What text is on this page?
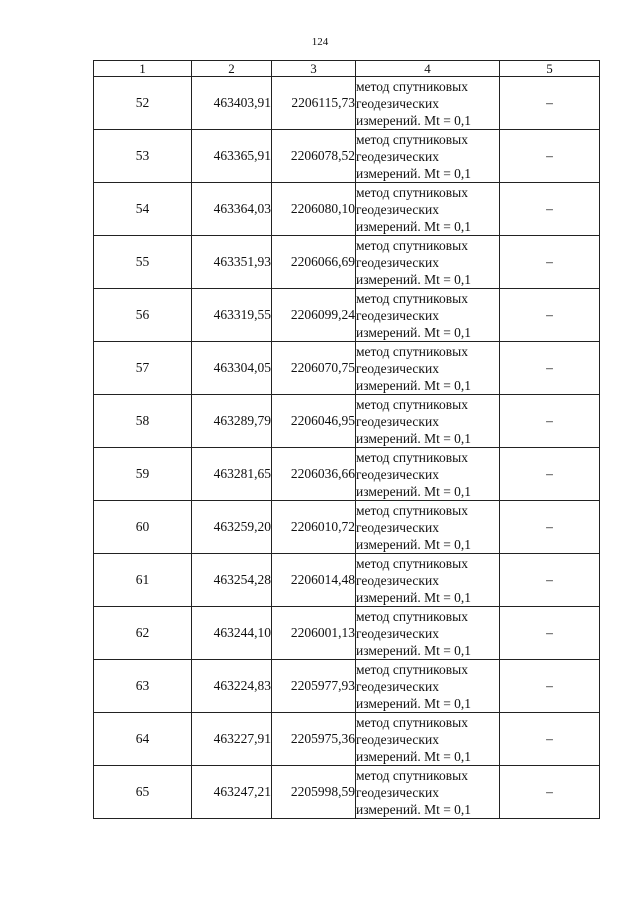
124
1	2	3	4	5
52	463403,91	2206115,73	метод спутниковых
геодезических
измерений. Mt = 0,1	–
53	463365,91	2206078,52	метод спутниковых
геодезических
измерений. Mt = 0,1	–
54	463364,03	2206080,10	метод спутниковых
геодезических
измерений. Mt = 0,1	–
55	463351,93	2206066,69	метод спутниковых
геодезических
измерений. Mt = 0,1	–
56	463319,55	2206099,24	метод спутниковых
геодезических
измерений. Mt = 0,1	–
57	463304,05	2206070,75	метод спутниковых
геодезических
измерений. Mt = 0,1	–
58	463289,79	2206046,95	метод спутниковых
геодезических
измерений. Mt = 0,1	–
59	463281,65	2206036,66	метод спутниковых
геодезических
измерений. Mt = 0,1	–
60	463259,20	2206010,72	метод спутниковых
геодезических
измерений. Mt = 0,1	–
61	463254,28	2206014,48	метод спутниковых
геодезических
измерений. Mt = 0,1	–
62	463244,10	2206001,13	метод спутниковых
геодезических
измерений. Mt = 0,1	–
63	463224,83	2205977,93	метод спутниковых
геодезических
измерений. Mt = 0,1	–
64	463227,91	2205975,36	метод спутниковых
геодезических
измерений. Mt = 0,1	–
65	463247,21	2205998,59	метод спутниковых
геодезических
измерений. Mt = 0,1	–
